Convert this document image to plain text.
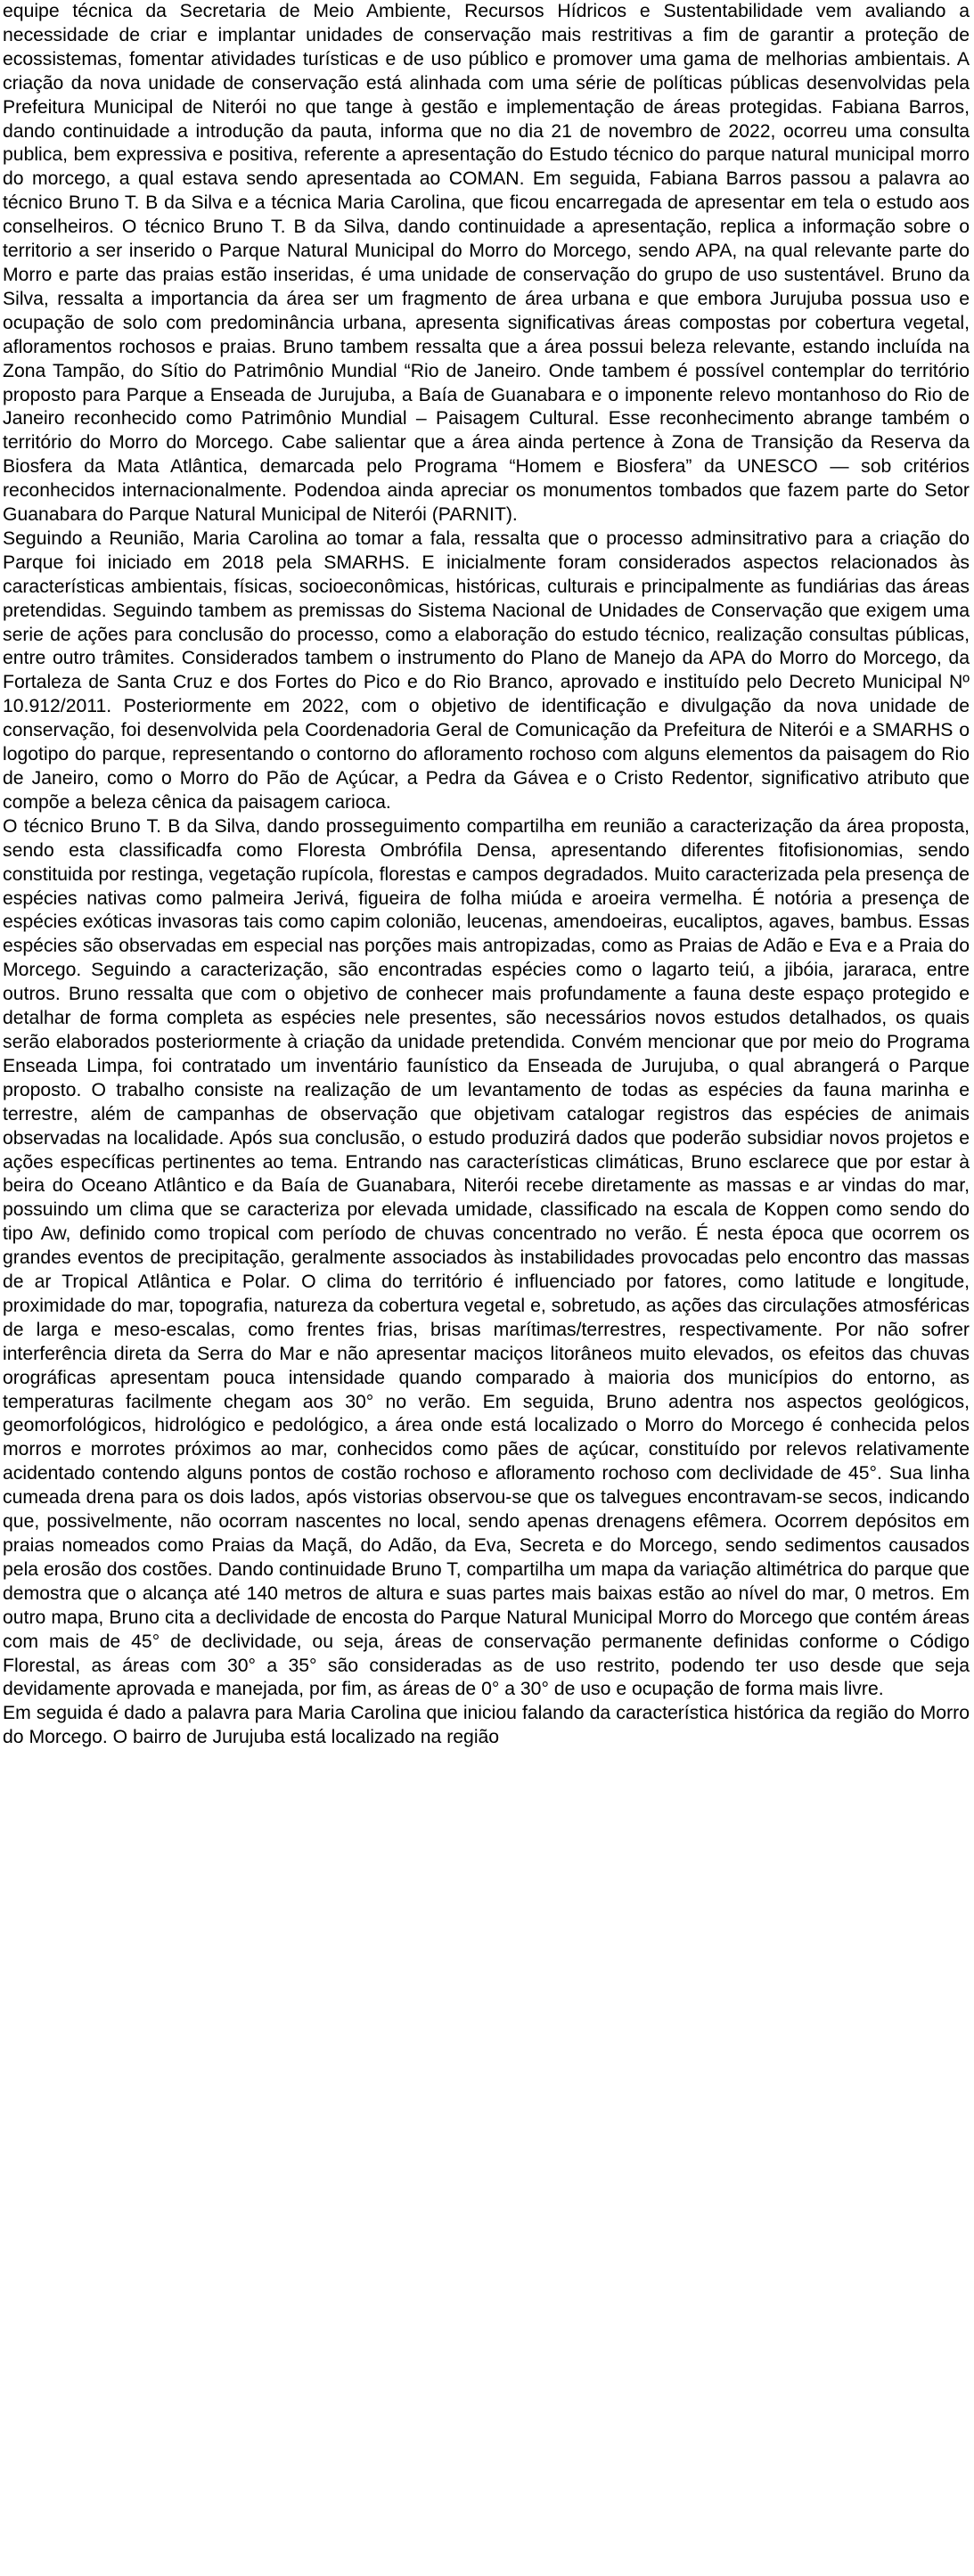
equipe técnica da Secretaria de Meio Ambiente, Recursos Hídricos e Sustentabilidade vem avaliando a necessidade de criar e implantar unidades de conservação mais restritivas a fim de garantir a proteção de ecossistemas, fomentar atividades turísticas e de uso público e promover uma gama de melhorias ambientais. A criação da nova unidade de conservação está alinhada com uma série de políticas públicas desenvolvidas pela Prefeitura Municipal de Niterói no que tange à gestão e implementação de áreas protegidas. Fabiana Barros, dando continuidade a introdução da pauta, informa que no dia 21 de novembro de 2022, ocorreu uma consulta publica, bem expressiva e positiva, referente a apresentação do Estudo técnico do parque natural municipal morro do morcego, a qual estava sendo apresentada ao COMAN. Em seguida, Fabiana Barros passou a palavra ao técnico Bruno T. B da Silva e a técnica Maria Carolina, que ficou encarregada de apresentar em tela o estudo aos conselheiros. O técnico Bruno T. B da Silva, dando continuidade a apresentação, replica a informação sobre o territorio a ser inserido o Parque Natural Municipal do Morro do Morcego, sendo APA, na qual relevante parte do Morro e parte das praias estão inseridas, é uma unidade de conservação do grupo de uso sustentável. Bruno da Silva, ressalta a importancia da área ser um fragmento de área urbana e que embora Jurujuba possua uso e ocupação de solo com predominância urbana, apresenta significativas áreas compostas por cobertura vegetal, afloramentos rochosos e praias. Bruno tambem ressalta que a área possui beleza relevante, estando incluída na Zona Tampão, do Sítio do Patrimônio Mundial “Rio de Janeiro. Onde tambem é possível contemplar do território proposto para Parque a Enseada de Jurujuba, a Baía de Guanabara e o imponente relevo montanhoso do Rio de Janeiro reconhecido como Patrimônio Mundial – Paisagem Cultural. Esse reconhecimento abrange também o território do Morro do Morcego. Cabe salientar que a área ainda pertence à Zona de Transição da Reserva da Biosfera da Mata Atlântica, demarcada pelo Programa “Homem e Biosfera” da UNESCO — sob critérios reconhecidos internacionalmente. Podendoa ainda apreciar os monumentos tombados que fazem parte do Setor Guanabara do Parque Natural Municipal de Niterói (PARNIT).

Seguindo a Reunião, Maria Carolina ao tomar a fala, ressalta que o processo adminsitrativo para a criação do Parque foi iniciado em 2018 pela SMARHS. E inicialmente foram considerados aspectos relacionados às características ambientais, físicas, socioeconômicas, históricas, culturais e principalmente as fundiárias das áreas pretendidas. Seguindo tambem as premissas do Sistema Nacional de Unidades de Conservação que exigem uma serie de ações para conclusão do processo, como a elaboração do estudo técnico, realização consultas públicas, entre outro trâmites. Considerados tambem o instrumento do Plano de Manejo da APA do Morro do Morcego, da Fortaleza de Santa Cruz e dos Fortes do Pico e do Rio Branco, aprovado e instituído pelo Decreto Municipal Nº 10.912/2011. Posteriormente em 2022, com o objetivo de identificação e divulgação da nova unidade de conservação, foi desenvolvida pela Coordenadoria Geral de Comunicação da Prefeitura de Niterói e a SMARHS o logotipo do parque, representando o contorno do afloramento rochoso com alguns elementos da paisagem do Rio de Janeiro, como o Morro do Pão de Açúcar, a Pedra da Gávea e o Cristo Redentor, significativo atributo que compõe a beleza cênica da paisagem carioca.

O técnico Bruno T. B da Silva, dando prosseguimento compartilha em reunião a caracterização da área proposta, sendo esta classificadfa como Floresta Ombrófila Densa, apresentando diferentes fitofisionomias, sendo constituida por restinga, vegetação rupícola, florestas e campos degradados. Muito caracterizada pela presença de espécies nativas como palmeira Jerivá, figueira de folha miúda e aroeira vermelha. É notória a presença de espécies exóticas invasoras tais como capim colonião, leucenas, amendoeiras, eucaliptos, agaves, bambus. Essas espécies são observadas em especial nas porções mais antropizadas, como as Praias de Adão e Eva e a Praia do Morcego. Seguindo a caracterização, são encontradas espécies como o lagarto teiú, a jibóia, jararaca, entre outros. Bruno ressalta que com o objetivo de conhecer mais profundamente a fauna deste espaço protegido e detalhar de forma completa as espécies nele presentes, são necessários novos estudos detalhados, os quais serão elaborados posteriormente à criação da unidade pretendida. Convém mencionar que por meio do Programa Enseada Limpa, foi contratado um inventário faunístico da Enseada de Jurujuba, o qual abrangerá o Parque proposto. O trabalho consiste na realização de um levantamento de todas as espécies da fauna marinha e terrestre, além de campanhas de observação que objetivam catalogar registros das espécies de animais observadas na localidade. Após sua conclusão, o estudo produzirá dados que poderão subsidiar novos projetos e ações específicas pertinentes ao tema. Entrando nas características climáticas, Bruno esclarece que por estar à beira do Oceano Atlântico e da Baía de Guanabara, Niterói recebe diretamente as massas e ar vindas do mar, possuindo um clima que se caracteriza por elevada umidade, classificado na escala de Koppen como sendo do tipo Aw, definido como tropical com período de chuvas concentrado no verão. É nesta época que ocorrem os grandes eventos de precipitação, geralmente associados às instabilidades provocadas pelo encontro das massas de ar Tropical Atlântica e Polar. O clima do território é influenciado por fatores, como latitude e longitude, proximidade do mar, topografia, natureza da cobertura vegetal e, sobretudo, as ações das circulações atmosféricas de larga e meso-escalas, como frentes frias, brisas marítimas/terrestres, respectivamente. Por não sofrer interferência direta da Serra do Mar e não apresentar maciços litorâneos muito elevados, os efeitos das chuvas orográficas apresentam pouca intensidade quando comparado à maioria dos municípios do entorno, as temperaturas facilmente chegam aos 30° no verão. Em seguida, Bruno adentra nos aspectos geológicos, geomorfológicos, hidrológico e pedológico, a área onde está localizado o Morro do Morcego é conhecida pelos morros e morrotes próximos ao mar, conhecidos como pães de açúcar, constituído por relevos relativamente acidentado contendo alguns pontos de costão rochoso e afloramento rochoso com declividade de 45°. Sua linha cumeada drena para os dois lados, após vistorias observou-se que os talvegues encontravam-se secos, indicando que, possivelmente, não ocorram nascentes no local, sendo apenas drenagens efêmera. Ocorrem depósitos em praias nomeados como Praias da Maçã, do Adão, da Eva, Secreta e do Morcego, sendo sedimentos causados pela erosão dos costões. Dando continuidade Bruno T, compartilha um mapa da variação altimétrica do parque que demostra que o alcança até 140 metros de altura e suas partes mais baixas estão ao nível do mar, 0 metros. Em outro mapa, Bruno cita a declividade de encosta do Parque Natural Municipal Morro do Morcego que contém áreas com mais de 45° de declividade, ou seja, áreas de conservação permanente definidas conforme o Código Florestal, as áreas com 30° a 35° são consideradas as de uso restrito, podendo ter uso desde que seja devidamente aprovada e manejada, por fim, as áreas de 0° a 30° de uso e ocupação de forma mais livre.

Em seguida é dado a palavra para Maria Carolina que iniciou falando da característica histórica da região do Morro do Morcego. O bairro de Jurujuba está localizado na região
